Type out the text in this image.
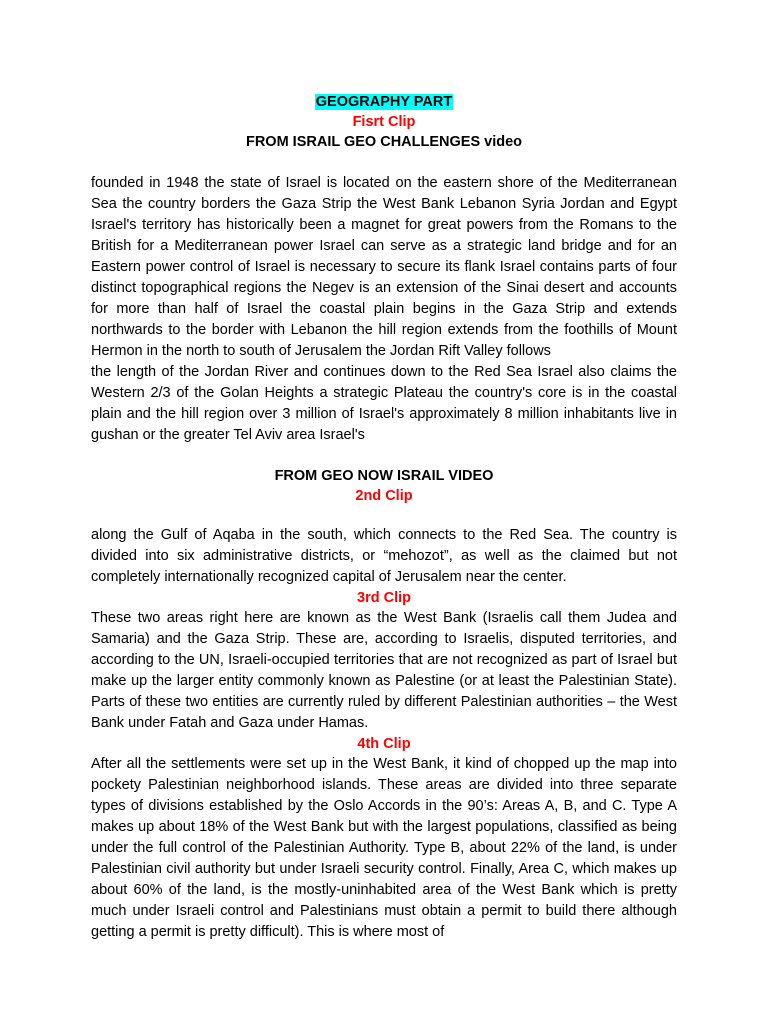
GEOGRAPHY PART
Fisrt Clip
FROM ISRAIL GEO CHALLENGES video

founded in 1948 the state of Israel is located on the eastern shore of the Mediterranean Sea the country borders the Gaza Strip the West Bank Lebanon Syria Jordan and Egypt Israel's territory has historically been a magnet for great powers from the Romans to the British for a Mediterranean power Israel can serve as a strategic land bridge and for an Eastern power control of Israel is necessary to secure its flank Israel contains parts of four distinct topographical regions the Negev is an extension of the Sinai desert and accounts for more than half of Israel the coastal plain begins in the Gaza Strip and extends northwards to the border with Lebanon the hill region extends from the foothills of Mount Hermon in the north to south of Jerusalem the Jordan Rift Valley follows
the length of the Jordan River and continues down to the Red Sea Israel also claims the Western 2/3 of the Golan Heights a strategic Plateau the country's core is in the coastal plain and the hill region over 3 million of Israel's approximately 8 million inhabitants live in gushan or the greater Tel Aviv area Israel's

FROM GEO NOW ISRAIL VIDEO
2nd Clip

along the Gulf of Aqaba in the south, which connects to the Red Sea. The country is divided into six administrative districts, or “mehozot”, as well as the claimed but not completely internationally recognized capital of Jerusalem near the center.

3rd Clip

These two areas right here are known as the West Bank (Israelis call them Judea and Samaria) and the Gaza Strip. These are, according to Israelis, disputed territories, and according to the UN, Israeli-occupied territories that are not recognized as part of Israel but make up the larger entity commonly known as Palestine (or at least the Palestinian State). Parts of these two entities are currently ruled by different Palestinian authorities – the West Bank under Fatah and Gaza under Hamas.

4th Clip

After all the settlements were set up in the West Bank, it kind of chopped up the map into pockety Palestinian neighborhood islands. These areas are divided into three separate types of divisions established by the Oslo Accords in the 90’s: Areas A, B, and C. Type A makes up about 18% of the West Bank but with the largest populations, classified as being under the full control of the Palestinian Authority. Type B, about 22% of the land, is under Palestinian civil authority but under Israeli security control. Finally, Area C, which makes up about 60% of the land, is the mostly-uninhabited area of the West Bank which is pretty much under Israeli control and Palestinians must obtain a permit to build there although getting a permit is pretty difficult). This is where most of
